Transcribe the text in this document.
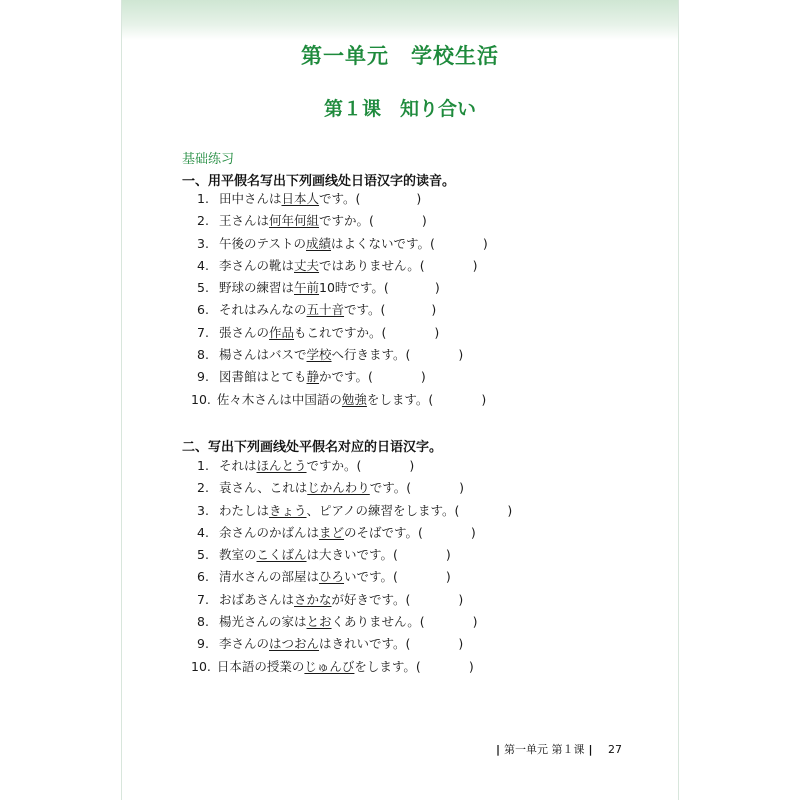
第一单元　学校生活
第１课　知り合い
基础练习
一、用平假名写出下列画线处日语汉字的读音。
1. 田中さんは日本人です。(	)
2. 王さんは何年何組ですか。(	)
3. 午後のテストの成績はよくないです。(	)
4. 李さんの靴は丈夫ではありません。(	)
5. 野球の練習は午前10時です。(	)
6. それはみんなの五十音です。(	)
7. 張さんの作品もこれですか。(	)
8. 楊さんはバスで学校へ行きます。(	)
9. 図書館はとても静かです。(	)
10. 佐々木さんは中国語の勉強をします。(	)
二、写出下列画线处平假名对应的日语汉字。
1. それはほんとうですか。(	)
2. 袁さん、これはじかんわりです。(	)
3. わたしはきょう、ピアノの練習をします。(	)
4. 余さんのかばんはまどのそばです。(	)
5. 教室のこくばんは大きいです。(	)
6. 清水さんの部屋はひろいです。(	)
7. おばあさんはさかなが好きです。(	)
8. 楊光さんの家はとおくありません。(	)
9. 李さんのはつおんはきれいです。(	)
10. 日本語の授業のじゅんびをします。(	)
| 第一单元 第１课 | 27
